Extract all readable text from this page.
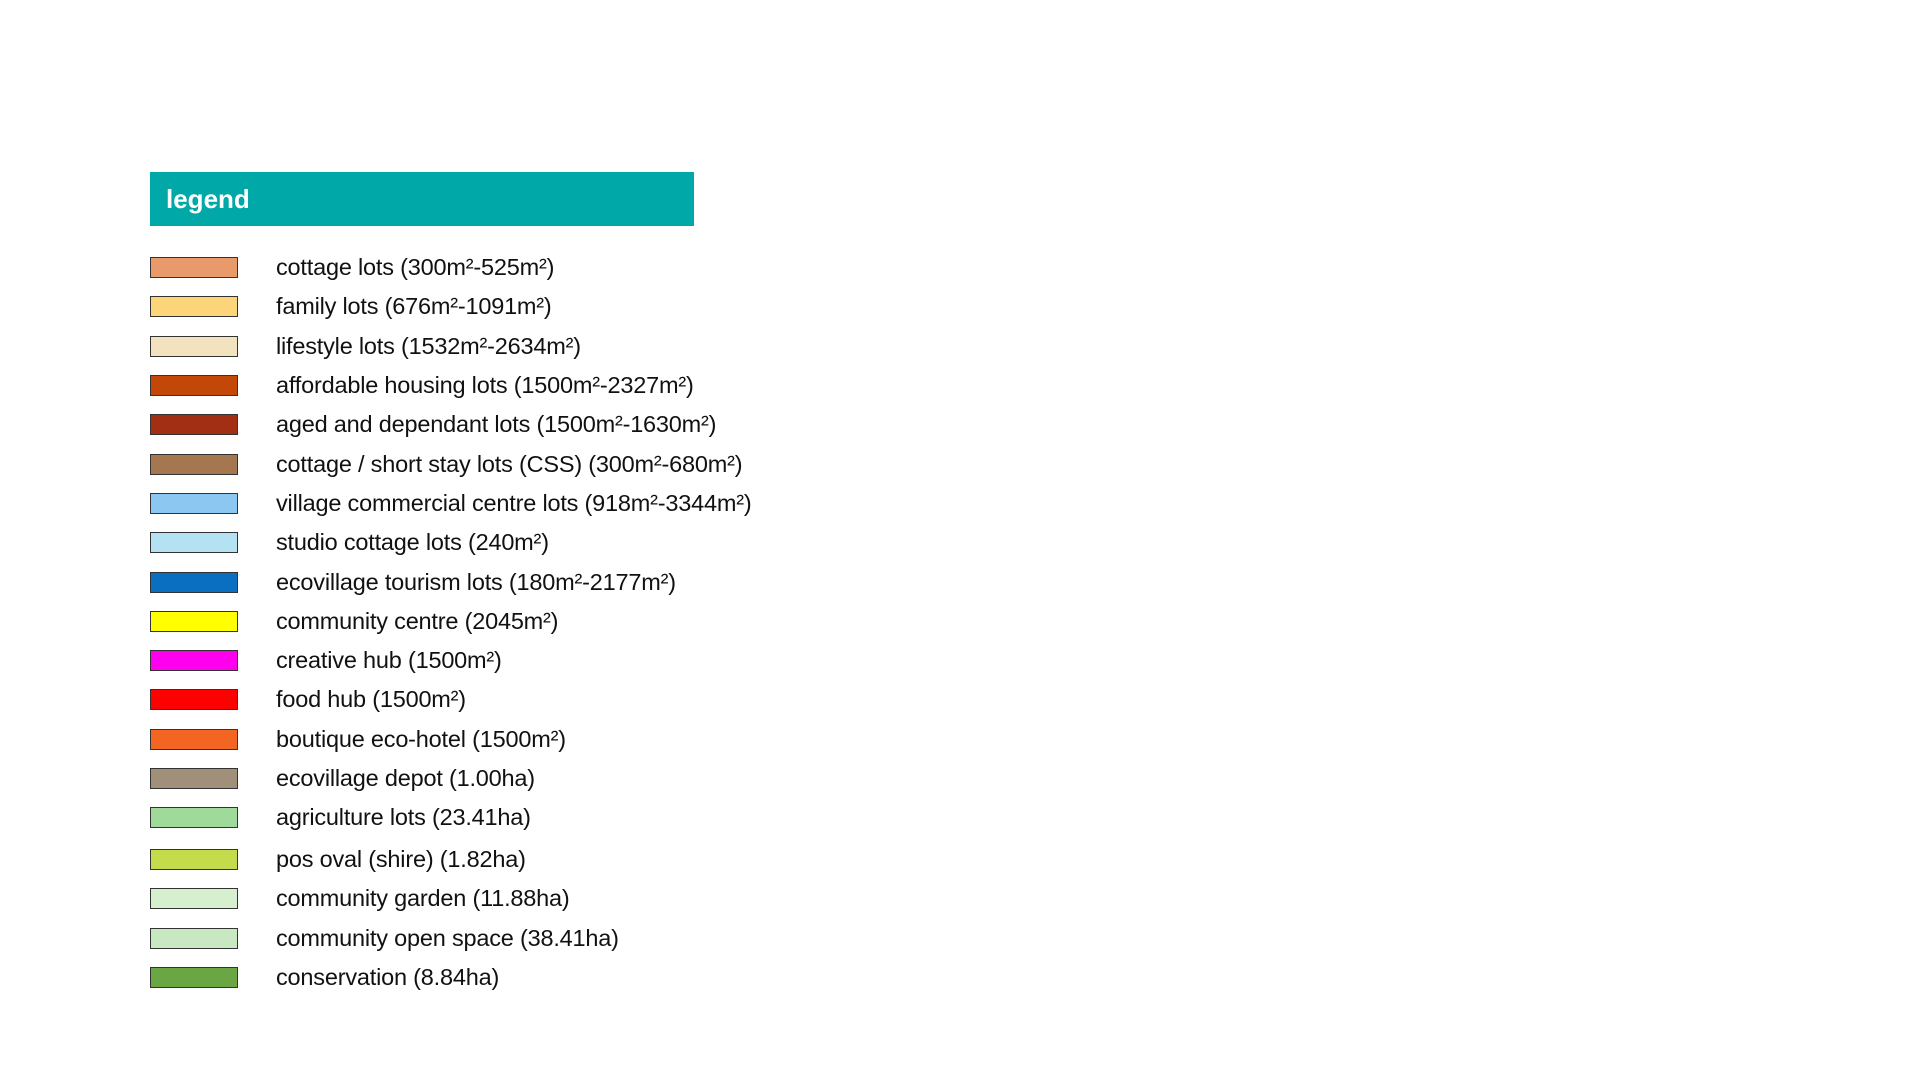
legend
cottage lots (300m²-525m²)
family lots (676m²-1091m²)
lifestyle lots (1532m²-2634m²)
affordable housing lots (1500m²-2327m²)
aged and dependant lots (1500m²-1630m²)
cottage / short stay lots (CSS) (300m²-680m²)
village commercial centre lots (918m²-3344m²)
studio cottage lots (240m²)
ecovillage tourism lots (180m²-2177m²)
community centre (2045m²)
creative hub (1500m²)
food hub (1500m²)
boutique eco-hotel (1500m²)
ecovillage depot (1.00ha)
agriculture lots (23.41ha)
pos oval (shire) (1.82ha)
community garden (11.88ha)
community open space (38.41ha)
conservation (8.84ha)
